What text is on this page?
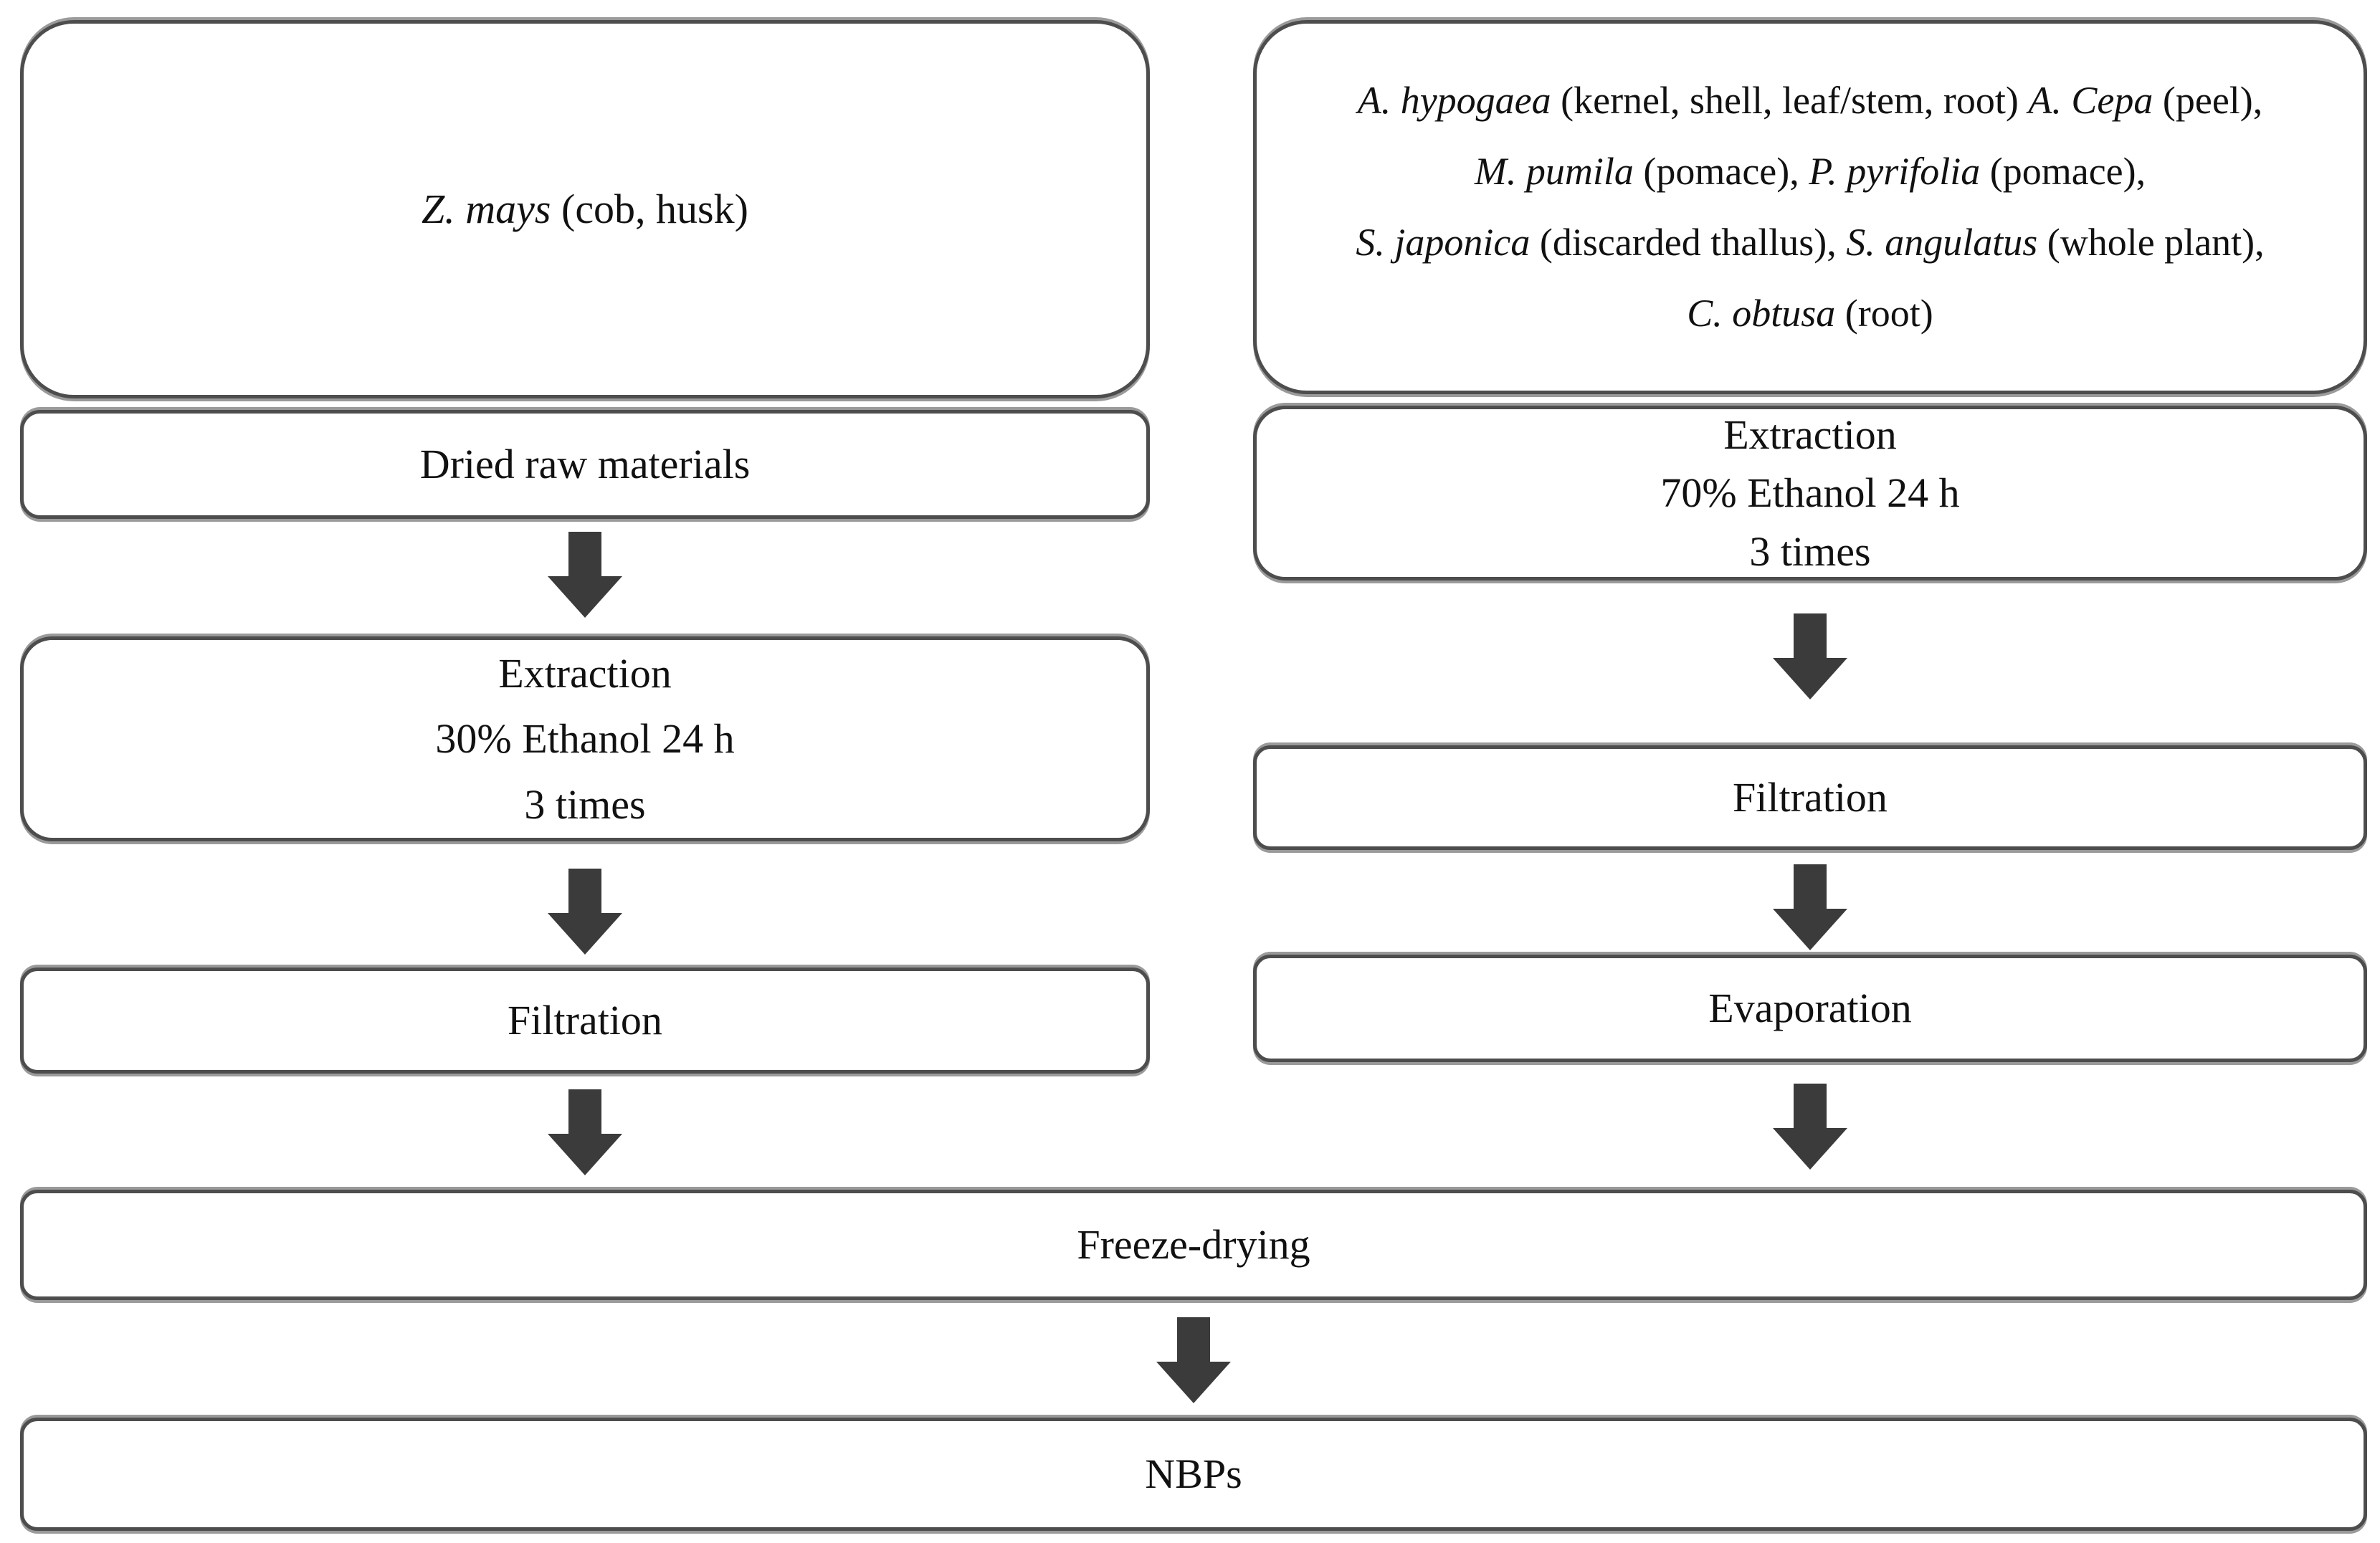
Z. mays (cob, husk)
Dried raw materials
Extraction
30% Ethanol 24 h
3 times
Filtration
A. hypogaea (kernel, shell, leaf/stem, root) A. Cepa (peel),
M. pumila (pomace), P. pyrifolia (pomace),
S. japonica (discarded thallus), S. angulatus (whole plant),
C. obtusa (root)
Extraction
70% Ethanol 24 h
3 times
Filtration
Evaporation
Freeze-drying
NBPs
